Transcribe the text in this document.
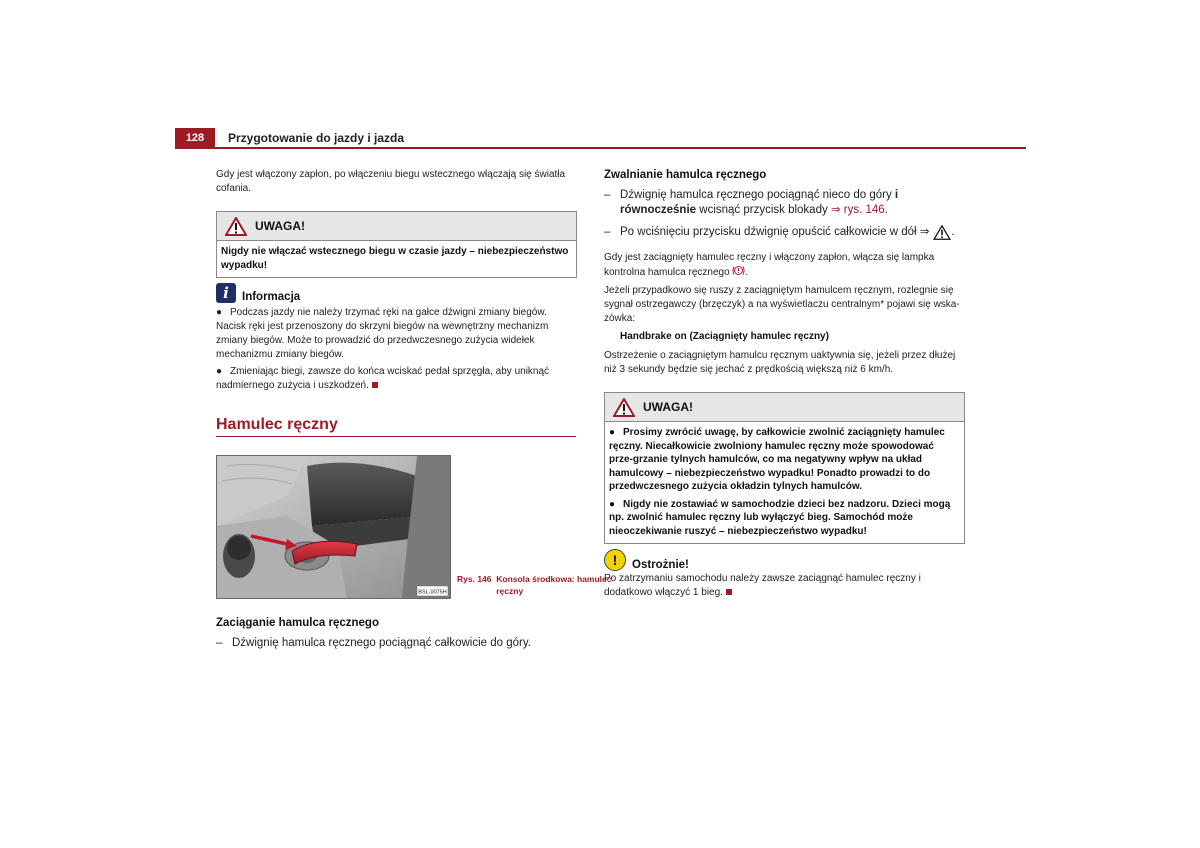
128	Przygotowanie do jazdy i jazda
Gdy jest włączony zapłon, po włączeniu biegu wstecznego włączają się światła cofania.
UWAGA!

Nigdy nie włączać wstecznego biegu w czasie jazdy – niebezpieczeństwo wypadku!

i	Informacja
● Podczas jazdy nie należy trzymać ręki na gałce dźwigni zmiany biegów. Nacisk ręki jest przenoszony do skrzyni biegów na wewnętrzny mechanizm zmiany biegów. Może to prowadzić do przedwczesnego zużycia widełek mechanizmu zmiany biegów.
● Zmieniając biegi, zawsze do końca wciskać pedał sprzęgła, aby uniknąć nadmiernego zużycia i uszkodzeń.
Hamulec ręczny
BSL-0075H
Rys. 146 Konsola środkowa: hamulec ręczny
Zaciąganie hamulca ręcznego
– Dźwignię hamulca ręcznego pociągnąć całkowicie do góry.
Zwalnianie hamulca ręcznego
– Dźwignię hamulca ręcznego pociągnąć nieco do góry i równocześnie wcisnąć przycisk blokady ⇒ rys. 146.
– Po wciśnięciu przycisku dźwignię opuścić całkowicie w dół ⇒ .
Gdy jest zaciągnięty hamulec ręczny i włączony zapłon, włącza się lampka kontrolna hamulca ręcznego .
Jeżeli przypadkowo się ruszy z zaciągniętym hamulcem ręcznym, rozlegnie się sygnał ostrzegawczy (brzęczyk) a na wyświetlaczu centralnym* pojawi się wska-zówka:
Handbrake on (Zaciągnięty hamulec ręczny)
Ostrzeżenie o zaciągniętym hamulcu ręcznym uaktywnia się, jeżeli przez dłużej niż 3 sekundy będzie się jechać z prędkością większą niż 6 km/h.
UWAGA!

● Prosimy zwrócić uwagę, by całkowicie zwolnić zaciągnięty hamulec ręczny. Niecałkowicie zwolniony hamulec ręczny może spowodować prze-grzanie tylnych hamulców, co ma negatywny wpływ na układ hamulcowy – niebezpieczeństwo wypadku! Ponadto prowadzi to do przedwczesnego zużycia okładzin tylnych hamulców.

● Nigdy nie zostawiać w samochodzie dzieci bez nadzoru. Dzieci mogą np. zwolnić hamulec ręczny lub wyłączyć bieg. Samochód może nieoczekiwanie ruszyć – niebezpieczeństwo wypadku!

!	Ostrożnie!
Po zatrzymaniu samochodu należy zawsze zaciągnąć hamulec ręczny i dodatkowo włączyć 1 bieg.
